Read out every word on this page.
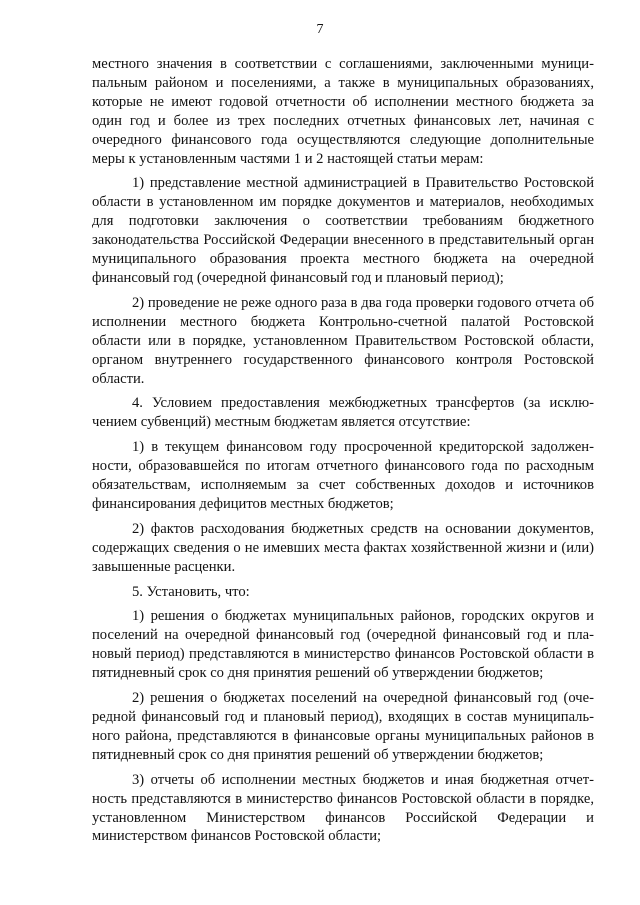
7

местного значения в соответствии с соглашениями, заключенными муниципальным районом и поселениями, а также в муниципальных образованиях, которые не имеют годовой отчетности об исполнении местного бюджета за один год и более из трех последних отчетных финансовых лет, начиная с очередного финансового года осуществляются следующие дополнительные меры к установленным частями 1 и 2 настоящей статьи мерам:

1) представление местной администрацией в Правительство Ростовской области в установленном им порядке документов и материалов, необходимых для подготовки заключения о соответствии требованиям бюджетного законодательства Российской Федерации внесенного в представительный орган муниципального образования проекта местного бюджета на очередной финансовый год (очередной финансовый год и плановый период);

2) проведение не реже одного раза в два года проверки годового отчета об исполнении местного бюджета Контрольно-счетной палатой Ростовской области или в порядке, установленном Правительством Ростовской области, органом внутреннего государственного финансового контроля Ростовской области.

4. Условием предоставления межбюджетных трансфертов (за исключением субвенций) местным бюджетам является отсутствие:

1) в текущем финансовом году просроченной кредиторской задолженности, образовавшейся по итогам отчетного финансового года по расходным обязательствам, исполняемым за счет собственных доходов и источников финансирования дефицитов местных бюджетов;

2) фактов расходования бюджетных средств на основании документов, содержащих сведения о не имевших места фактах хозяйственной жизни и (или) завышенные расценки.

5. Установить, что:

1) решения о бюджетах муниципальных районов, городских округов и поселений на очередной финансовый год (очередной финансовый год и плановый период) представляются в министерство финансов Ростовской области в пятидневный срок со дня принятия решений об утверждении бюджетов;

2) решения о бюджетах поселений на очередной финансовый год (очередной финансовый год и плановый период), входящих в состав муниципального района, представляются в финансовые органы муниципальных районов в пятидневный срок со дня принятия решений об утверждении бюджетов;

3) отчеты об исполнении местных бюджетов и иная бюджетная отчетность представляются в министерство финансов Ростовской области в порядке, установленном Министерством финансов Российской Федерации и министерством финансов Ростовской области;
